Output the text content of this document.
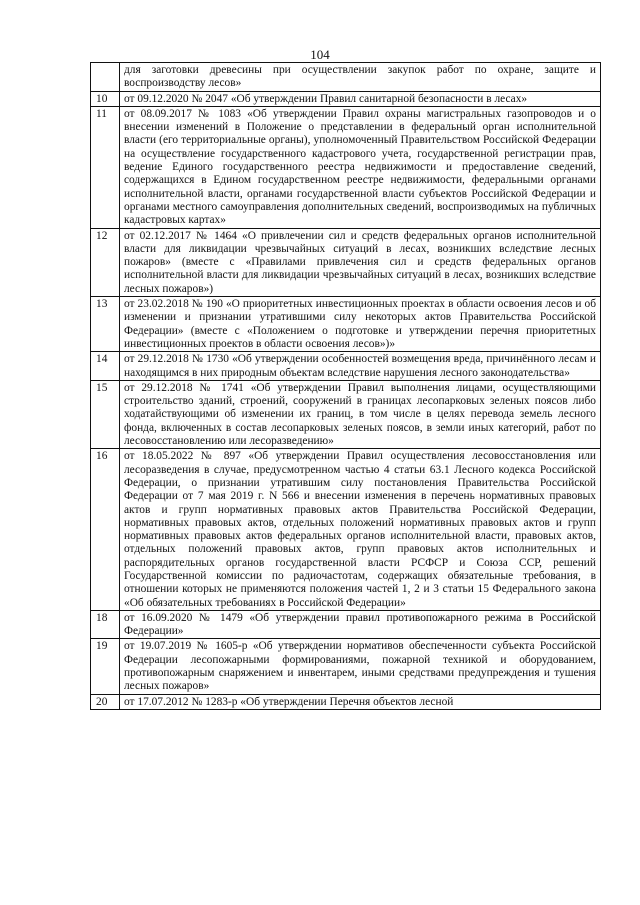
104
	для заготовки древесины при осуществлении закупок работ по охране, защите и воспроизводству лесов»
10	от 09.12.2020 № 2047 «Об утверждении Правил санитарной безопасности в лесах»
11	от 08.09.2017 № 1083 «Об утверждении Правил охраны магистральных газопроводов и о внесении изменений в Положение о представлении в федеральный орган исполнительной власти (его территориальные органы), уполномоченный Правительством Российской Федерации на осуществление государственного кадастрового учета, государственной регистрации прав, ведение Единого государственного реестра недвижимости и предоставление сведений, содержащихся в Едином государственном реестре недвижимости, федеральными органами исполнительной власти, органами государственной власти субъектов Российской Федерации и органами местного самоуправления дополнительных сведений, воспроизводимых на публичных кадастровых картах»
12	от 02.12.2017 № 1464 «О привлечении сил и средств федеральных органов исполнительной власти для ликвидации чрезвычайных ситуаций в лесах, возникших вследствие лесных пожаров» (вместе с «Правилами привлечения сил и средств федеральных органов исполнительной власти для ликвидации чрезвычайных ситуаций в лесах, возникших вследствие лесных пожаров»)
13	от 23.02.2018 № 190 «О приоритетных инвестиционных проектах в области освоения лесов и об изменении и признании утратившими силу некоторых актов Правительства Российской Федерации» (вместе с «Положением о подготовке и утверждении перечня приоритетных инвестиционных проектов в области освоения лесов»)»
14	от 29.12.2018 № 1730 «Об утверждении особенностей возмещения вреда, причинённого лесам и находящимся в них природным объектам вследствие нарушения лесного законодательства»
15	от 29.12.2018 № 1741 «Об утверждении Правил выполнения лицами, осуществляющими строительство зданий, строений, сооружений в границах лесопарковых зеленых поясов либо ходатайствующими об изменении их границ, в том числе в целях перевода земель лесного фонда, включенных в состав лесопарковых зеленых поясов, в земли иных категорий, работ по лесовосстановлению или лесоразведению»
16	от 18.05.2022 № 897 «Об утверждении Правил осуществления лесовосстановления или лесоразведения в случае, предусмотренном частью 4 статьи 63.1 Лесного кодекса Российской Федерации, о признании утратившим силу постановления Правительства Российской Федерации от 7 мая 2019 г. N 566 и внесении изменения в перечень нормативных правовых актов и групп нормативных правовых актов Правительства Российской Федерации, нормативных правовых актов, отдельных положений нормативных правовых актов и групп нормативных правовых актов федеральных органов исполнительной власти, правовых актов, отдельных положений правовых актов, групп правовых актов исполнительных и распорядительных органов государственной власти РСФСР и Союза ССР, решений Государственной комиссии по радиочастотам, содержащих обязательные требования, в отношении которых не применяются положения частей 1, 2 и 3 статьи 15 Федерального закона «Об обязательных требованиях в Российской Федерации»
18	от 16.09.2020 № 1479 «Об утверждении правил противопожарного режима в Российской Федерации»
19	от 19.07.2019 № 1605-р «Об утверждении нормативов обеспеченности субъекта Российской Федерации лесопожарными формированиями, пожарной техникой и оборудованием, противопожарным снаряжением и инвентарем, иными средствами предупреждения и тушения лесных пожаров»
20	от 17.07.2012 № 1283-р «Об утверждении Перечня объектов лесной
